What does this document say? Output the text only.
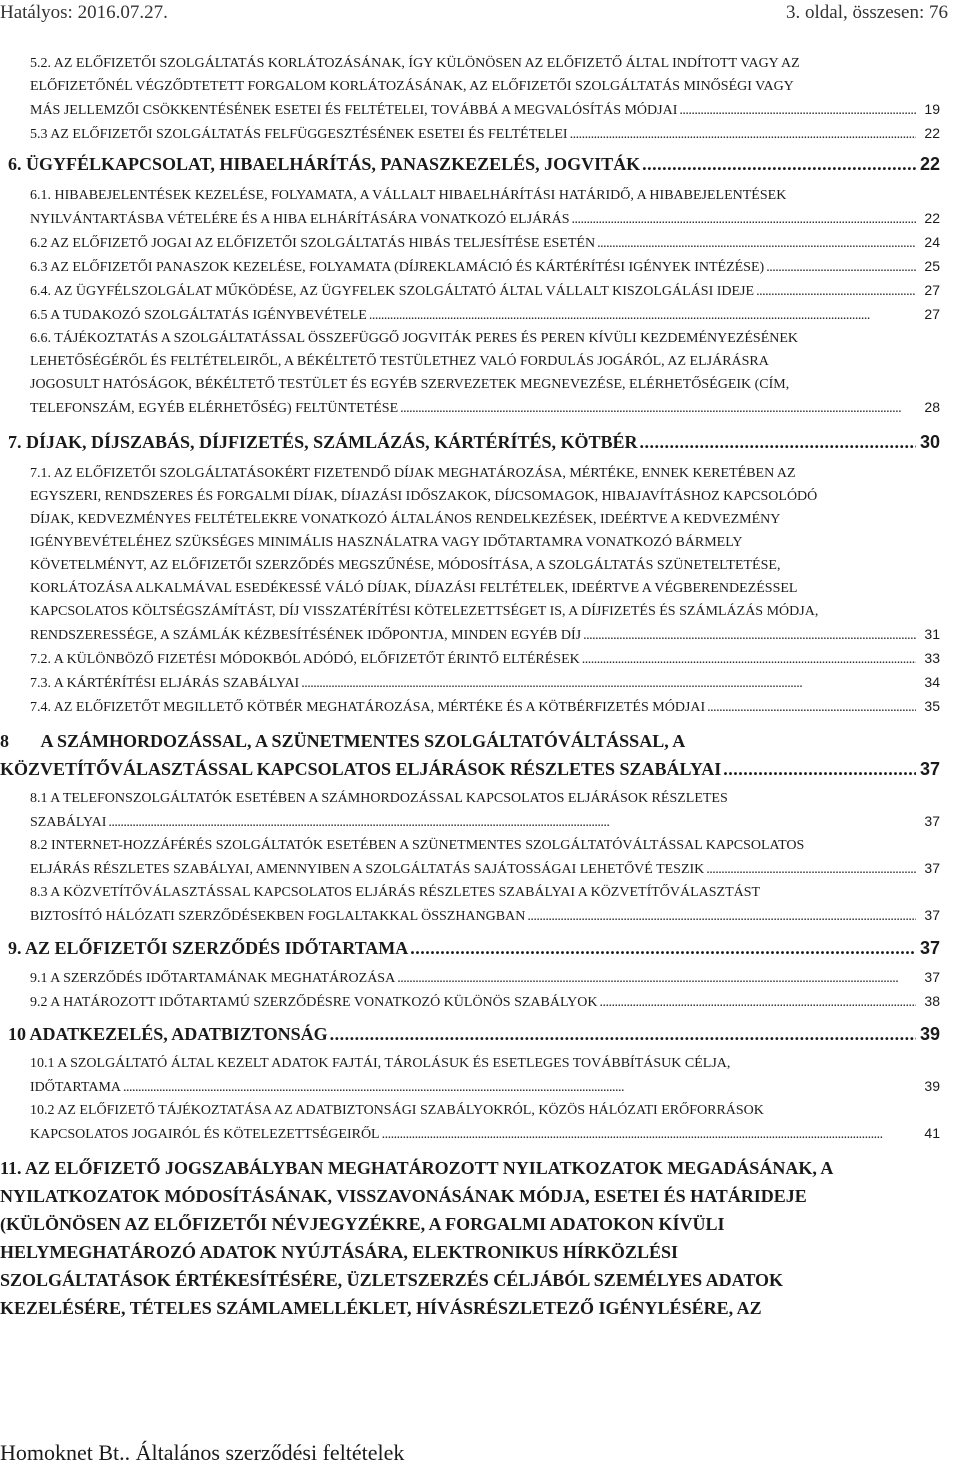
Hatályos: 2016.07.27.	3. oldal, összesen: 76
5.2. AZ ELŐFIZETŐI SZOLGÁLTATÁS KORLÁTOZÁSÁNAK, ÍGY KÜLÖNÖSEN AZ ELŐFIZETŐ ÁLTAL INDÍTOTT VAGY AZ
ELŐFIZETŐNÉL VÉGZŐDTETETT FORGALOM KORLÁTOZÁSÁNAK, AZ ELŐFIZETŐI SZOLGÁLTATÁS MINŐSÉGI VAGY
MÁS JELLEMZŐI CSÖKKENTÉSÉNEK ESETEI ÉS FELTÉTELEI, TOVÁBBÁ A MEGVALÓSÍTÁS MÓDJAI . . .	19
5.3 AZ ELŐFIZETŐI SZOLGÁLTATÁS FELFÜGGESZTÉSÉNEK ESETEI ÉS FELTÉTELEI . . .	22
6. ÜGYFÉLKAPCSOLAT, HIBAELHÁRÍTÁS, PANASZKEZELÉS, JOGVITÁK . . .	22
6.1. HIBABEJELENTÉSEK KEZELÉSE, FOLYAMATA, A VÁLLALT HIBAELHÁRÍTÁSI HATÁRIDŐ, A HIBABEJELENTÉSEK
NYILVÁNTARTÁSBA VÉTELÉRE ÉS A HIBA ELHÁRÍTÁSÁRA VONATKOZÓ ELJÁRÁS . . .	22
6.2 AZ ELŐFIZETŐ JOGAI AZ ELŐFIZETŐI SZOLGÁLTATÁS HIBÁS TELJESÍTÉSE ESETÉN . . .	24
6.3 AZ ELŐFIZETŐI PANASZOK KEZELÉSE, FOLYAMATA (DÍJREKLAMÁCIÓ ÉS KÁRTÉRÍTÉSI IGÉNYEK INTÉZÉSE) . . .	25
6.4. AZ ÜGYFÉLSZOLGÁLAT MŰKÖDÉSE, AZ ÜGYFELEK SZOLGÁLTATÓ ÁLTAL VÁLLALT KISZOLGÁLÁSI IDEJE . . .	27
6.5 A TUDAKOZÓ SZOLGÁLTATÁS IGÉNYBEVÉTELE . . .	27
6.6. TÁJÉKOZTATÁS A SZOLGÁLTATÁSSAL ÖSSZEFÜGGŐ JOGVITÁK PERES ÉS PEREN KÍVÜLI KEZDEMÉNYEZÉSÉNEK
LEHETŐSÉGÉRŐL ÉS FELTÉTELEIRŐL, A BÉKÉLTETŐ TESTÜLETHEZ VALÓ FORDULÁS JOGÁRÓL, AZ ELJÁRÁSRA
JOGOSULT HATÓSÁGOK, BÉKÉLTETŐ TESTÜLET ÉS EGYÉB SZERVEZETEK MEGNEVEZÉSE, ELÉRHETŐSÉGEIK (CÍM,
TELEFONSZÁM, EGYÉB ELÉRHETŐSÉG) FELTÜNTETÉSE . . .	28
7. DÍJAK, DÍJSZABÁS, DÍJFIZETÉS, SZÁMLÁZÁS, KÁRTÉRÍTÉS, KÖTBÉR . . .	30
7.1. AZ ELŐFIZETŐI SZOLGÁLTATÁSOKÉRT FIZETENDŐ DÍJAK MEGHATÁROZÁSA, MÉRTÉKE, ENNEK KERETÉBEN AZ
EGYSZERI, RENDSZERES ÉS FORGALMI DÍJAK, DÍJAZÁSI IDŐSZAKOK, DÍJCSOMAGOK, HIBAJAVÍTÁSHOZ KAPCSOLÓDÓ
DÍJAK, KEDVEZMÉNYES FELTÉTELEKRE VONATKOZÓ ÁLTALÁNOS RENDELKEZÉSEK, IDEÉRTVE A KEDVEZMÉNY
IGÉNYBEVÉTELÉHEZ SZÜKSÉGES MINIMÁLIS HASZNÁLATRA VAGY IDŐTARTAMRA VONATKOZÓ BÁRMELY
KÖVETELMÉNYT, AZ ELŐFIZETŐI SZERZŐDÉS MEGSZŰNÉSE, MÓDOSÍTÁSA, A SZOLGÁLTATÁS SZÜNETELTETÉSE,
KORLÁTOZÁSA ALKALMÁVAL ESEDÉKESSÉ VÁLÓ DÍJAK, DÍJAZÁSI FELTÉTELEK, IDEÉRTVE A VÉGBERENDEZÉSSEL
KAPCSOLATOS KÖLTSÉGSZÁMÍTÁST, DÍJ VISSZATÉRÍTÉSI KÖTELEZETTSÉGET IS, A DÍJFIZETÉS ÉS SZÁMLÁZÁS MÓDJA,
RENDSZERESSÉGE, A SZÁMLÁK KÉZBESÍTÉSÉNEK IDŐPONTJA, MINDEN EGYÉB DÍJ . . .	31
7.2. A KÜLÖNBÖZŐ FIZETÉSI MÓDOKBÓL ADÓDÓ, ELŐFIZETŐT ÉRINTŐ ELTÉRÉSEK . . .	33
7.3. A KÁRTÉRÍTÉSI ELJÁRÁS SZABÁLYAI . . .	34
7.4. AZ ELŐFIZETŐT MEGILLETŐ KÖTBÉR MEGHATÁROZÁSA, MÉRTÉKE ÉS A KÖTBÉRFIZETÉS MÓDJAI . . .	35
8       A SZÁMHORDOZÁSSAL, A SZÜNETMENTES SZOLGÁLTATÓVÁLTÁSSAL, A
KÖZVETÍTŐVÁLASZTÁSSAL KAPCSOLATOS ELJÁRÁSOK RÉSZLETES SZABÁLYAI . . .	37
8.1 A TELEFONSZOLGÁLTATÓK ESETÉBEN A SZÁMHORDOZÁSSAL KAPCSOLATOS ELJÁRÁSOK RÉSZLETES
SZABÁLYAI . . .	37
8.2 INTERNET-HOZZÁFÉRÉS SZOLGÁLTATÓK ESETÉBEN A SZÜNETMENTES SZOLGÁLTATÓVÁLTÁSSAL KAPCSOLATOS
ELJÁRÁS RÉSZLETES SZABÁLYAI, AMENNYIBEN A SZOLGÁLTATÁS SAJÁTOSSÁGAI LEHETŐVÉ TESZIK . . .	37
8.3 A KÖZVETÍTŐVÁLASZTÁSSAL KAPCSOLATOS ELJÁRÁS RÉSZLETES SZABÁLYAI A KÖZVETÍTŐVÁLASZTÁST
BIZTOSÍTÓ HÁLÓZATI SZERZŐDÉSEKBEN FOGLALTAKKAL ÖSSZHANGBAN . . .	37
9. AZ ELŐFIZETŐI SZERZŐDÉS IDŐTARTAMA . . .	37
9.1 A SZERZŐDÉS IDŐTARTAMÁNAK MEGHATÁROZÁSA . . .	37
9.2 A HATÁROZOTT IDŐTARTAMÚ SZERZŐDÉSRE VONATKOZÓ KÜLÖNÖS SZABÁLYOK . . .	38
10 ADATKEZELÉS, ADATBIZTONSÁG . . .	39
10.1 A SZOLGÁLTATÓ ÁLTAL KEZELT ADATOK FAJTÁI, TÁROLÁSUK ÉS ESETLEGES TOVÁBBÍTÁSUK CÉLJA,
IDŐTARTAMA . . .	39
10.2 AZ ELŐFIZETŐ TÁJÉKOZTATÁSA AZ ADATBIZTONSÁGI SZABÁLYOKRÓL, KÖZÖS HÁLÓZATI ERŐFORRÁSOK
KAPCSOLATOS JOGAIRÓL ÉS KÖTELEZETTSÉGEIRŐL . . .	41
11. AZ ELŐFIZETŐ JOGSZABÁLYBAN MEGHATÁROZOTT NYILATKOZATOK MEGADÁSÁNAK, A
NYILATKOZATOK MÓDOSÍTÁSÁNAK, VISSZAVONÁSÁNAK MÓDJA, ESETEI ÉS HATÁRIDEJE
(KÜLÖNÖSEN AZ ELŐFIZETŐI NÉVJEGYZÉKRE, A FORGALMI ADATOKON KÍVÜLI
HELYMEGHATÁROZÓ ADATOK NYÚJTÁSÁRA, ELEKTRONIKUS HÍRKÖZLÉSI
SZOLGÁLTATÁSOK ÉRTÉKESÍTÉSÉRE, ÜZLETSZERZÉS CÉLJÁBÓL SZEMÉLYES ADATOK
KEZELÉSÉRE, TÉTELES SZÁMLAMELLÉKLET, HÍVÁSRÉSZLETEZŐ IGÉNYLÉSÉRE, AZ
Homoknet Bt.. Általános szerződési feltételek
